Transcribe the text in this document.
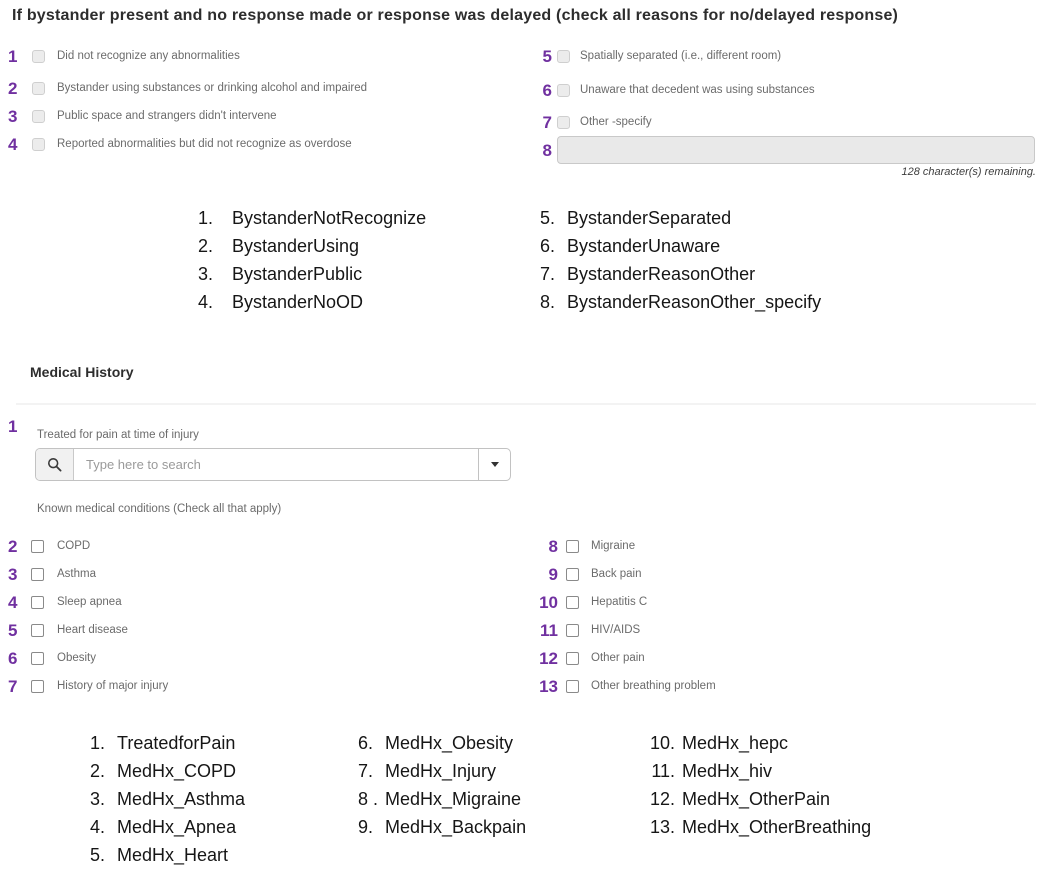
If bystander present and no response made or response was delayed (check all reasons for no/delayed response)
1	Did not recognize any abnormalities
2	Bystander using substances or drinking alcohol and impaired
3	Public space and strangers didn't intervene
4	Reported abnormalities but did not recognize as overdose
5 Spatially separated (i.e., different room)
6 Unaware that decedent was using substances
7 Other -specify
8
128 character(s) remaining.
1.	BystanderNotRecognize
2.	BystanderUsing
3.	BystanderPublic
4.	BystanderNoOD
5. BystanderSeparated
6. BystanderUnaware
7. BystanderReasonOther
8. BystanderReasonOther_specify
Medical History
1 Treated for pain at time of injury
Type here to search
Known medical conditions (Check all that apply)
2	COPD
3	Asthma
4	Sleep apnea
5	Heart disease
6	Obesity
7	History of major injury
8	Migraine
9	Back pain
10	Hepatitis C
11	HIV/AIDS
12	Other pain
13	Other breathing problem
1. TreatedforPain
2. MedHx_COPD
3. MedHx_Asthma
4. MedHx_Apnea
5. MedHx_Heart
6. MedHx_Obesity
7. MedHx_Injury
8 . MedHx_Migraine
9. MedHx_Backpain
10. MedHx_hepc
11. MedHx_hiv
12. MedHx_OtherPain
13. MedHx_OtherBreathing
